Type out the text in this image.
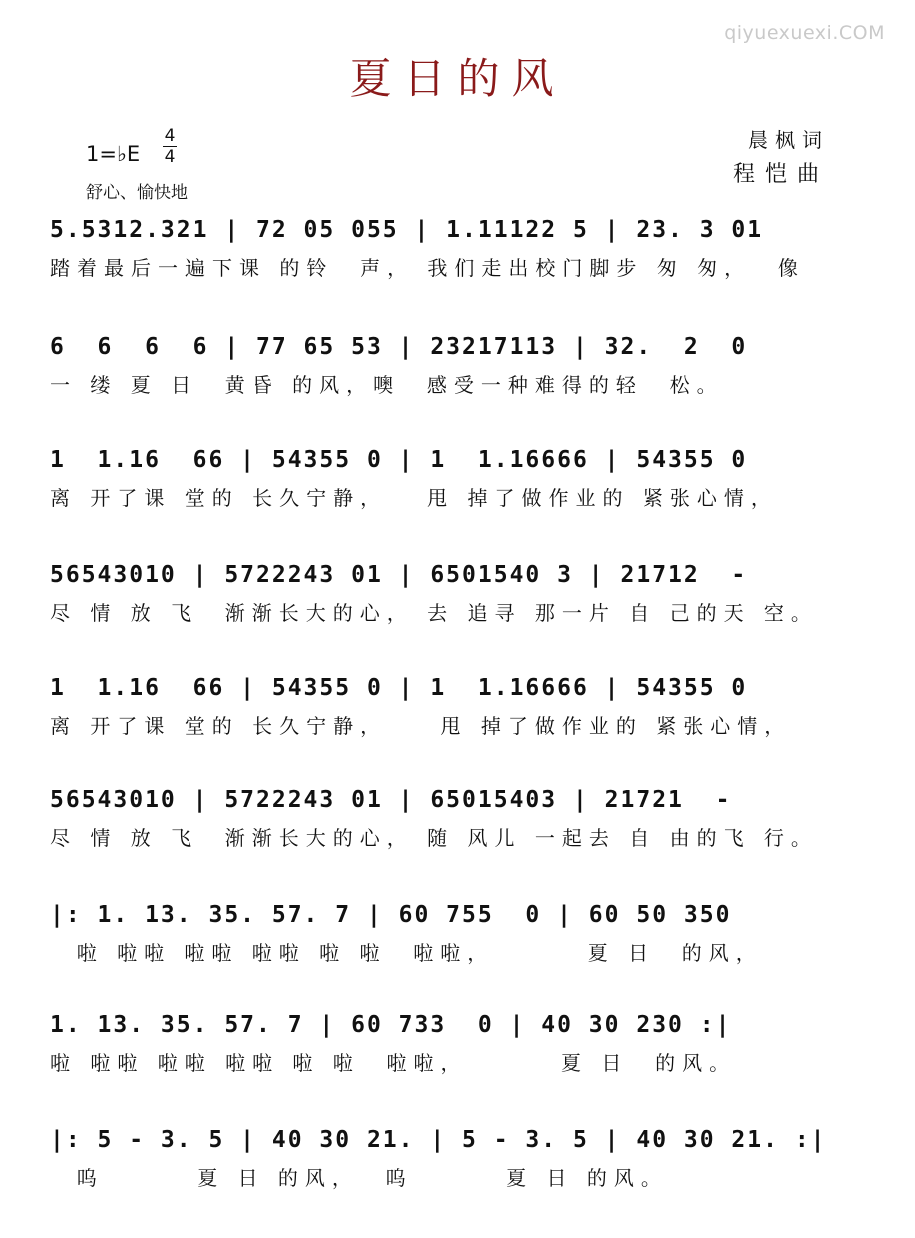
qiyuexuexi.COM
夏日的风
1=♭E
4
4
舒心、愉快地
晨枫词
程恺曲
5.5312.321 | 72 05 055 | 1.11122 5 | 23. 3 01
踏着最后一遍下课 的铃  声， 我们走出校门脚步 匆 匆，  像
6  6  6  6 | 77 65 53 | 23217113 | 32.  2  0
一 缕 夏 日  黄昏 的风，噢  感受一种难得的轻  松。
1  1.16  66 | 54355 0 | 1  1.16666 | 54355 0
离 开了课 堂的 长久宁静，   甩 掉了做作业的 紧张心情，
56543010 | 5722243 01 | 6501540 3 | 21712  -
尽 情 放 飞  渐渐长大的心， 去 追寻 那一片 自 己的天 空。
1  1.16  66 | 54355 0 | 1  1.16666 | 54355 0
离 开了课 堂的 长久宁静，    甩 掉了做作业的 紧张心情，
56543010 | 5722243 01 | 65015403 | 21721  -
尽 情 放 飞  渐渐长大的心， 随 风儿 一起去 自 由的飞 行。
|: 1. 13. 35. 57. 7 | 60 755  0 | 60 50 350
啦 啦啦 啦啦 啦啦 啦 啦  啦啦，       夏 日  的风，
1. 13. 35. 57. 7 | 60 733  0 | 40 30 230 :|
啦 啦啦 啦啦 啦啦 啦 啦  啦啦，       夏 日  的风。
|: 5 - 3. 5 | 40 30 21. | 5 - 3. 5 | 40 30 21. :|
呜       夏 日 的风，  呜       夏 日 的风。
